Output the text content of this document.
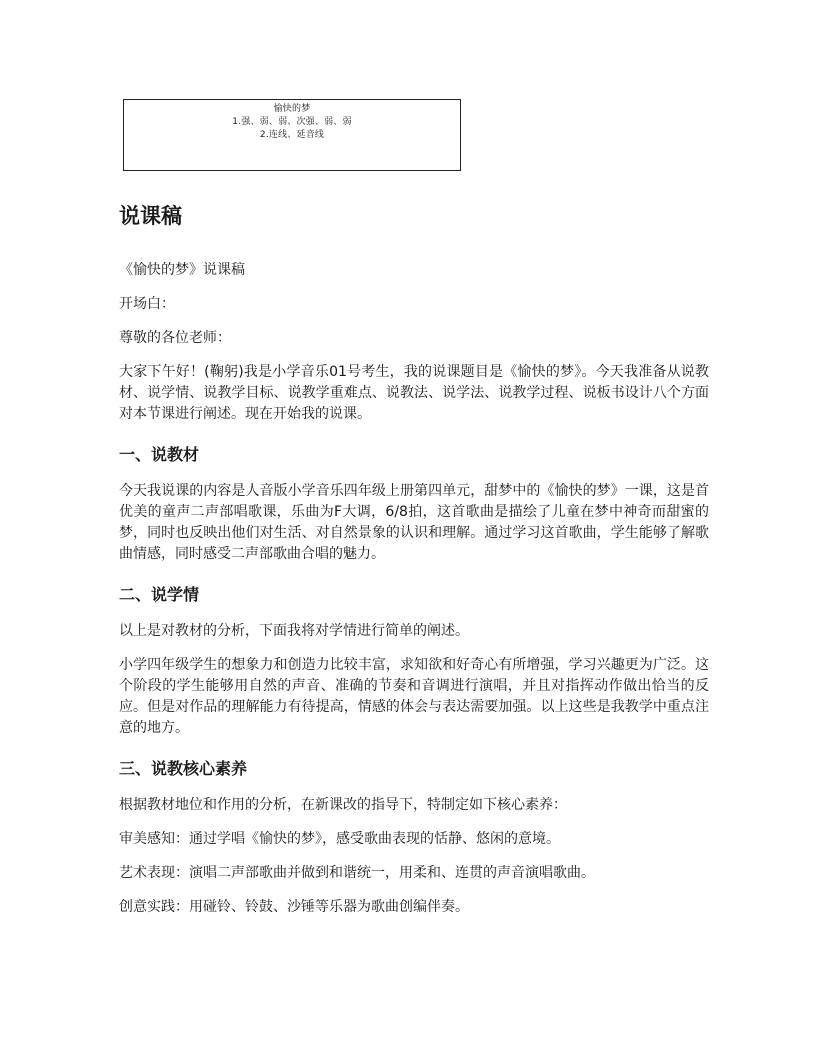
愉快的梦
1.强、弱、弱、次强、弱、弱
2.连线、延音线
说课稿

《愉快的梦》说课稿

开场白：

尊敬的各位老师：

大家下午好！(鞠躬)我是小学音乐01号考生，我的说课题目是《愉快的梦》。今天我准备从说教材、说学情、说教学目标、说教学重难点、说教法、说学法、说教学过程、说板书设计八个方面对本节课进行阐述。现在开始我的说课。

一、说教材

今天我说课的内容是人音版小学音乐四年级上册第四单元，甜梦中的《愉快的梦》一课，这是首优美的童声二声部唱歌课，乐曲为F大调，6/8拍，这首歌曲是描绘了儿童在梦中神奇而甜蜜的梦，同时也反映出他们对生活、对自然景象的认识和理解。通过学习这首歌曲，学生能够了解歌曲情感，同时感受二声部歌曲合唱的魅力。

二、说学情

以上是对教材的分析，下面我将对学情进行简单的阐述。

小学四年级学生的想象力和创造力比较丰富，求知欲和好奇心有所增强，学习兴趣更为广泛。这个阶段的学生能够用自然的声音、准确的节奏和音调进行演唱，并且对指挥动作做出恰当的反应。但是对作品的理解能力有待提高，情感的体会与表达需要加强。以上这些是我教学中重点注意的地方。

三、说教核心素养

根据教材地位和作用的分析，在新课改的指导下，特制定如下核心素养：

审美感知：通过学唱《愉快的梦》，感受歌曲表现的恬静、悠闲的意境。

艺术表现：演唱二声部歌曲并做到和谐统一，用柔和、连贯的声音演唱歌曲。

创意实践：用碰铃、铃鼓、沙锤等乐器为歌曲创编伴奏。
